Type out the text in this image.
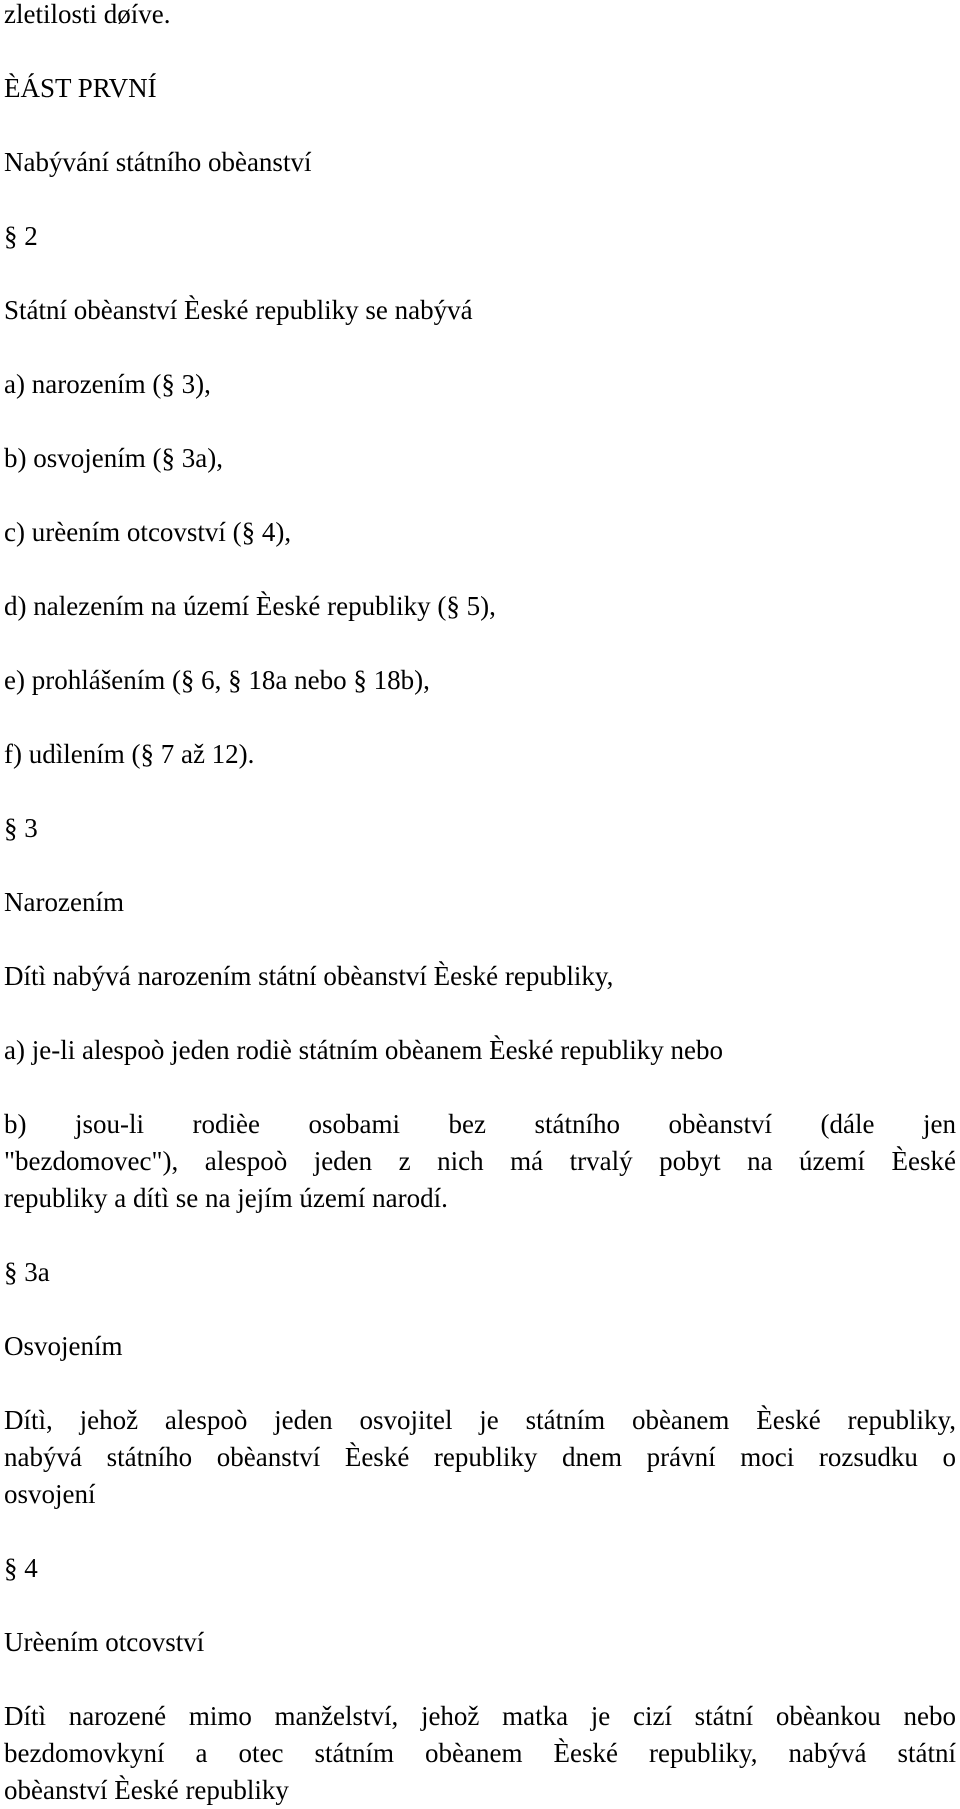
zletilosti døíve.
ÈÁST PRVNÍ
Nabývání státního obèanství
§ 2
Státní obèanství Èeské republiky se nabývá
a) narozením (§ 3),
b) osvojením (§ 3a),
c) urèením otcovství (§ 4),
d) nalezením na území Èeské republiky (§ 5),
e) prohlášením (§ 6, § 18a nebo § 18b),
f) udìlením (§ 7 až 12).
§ 3
Narozením
Dítì nabývá narozením státní obèanství Èeské republiky,
a) je-li alespoò jeden rodiè státním obèanem Èeské republiky nebo
b) jsou-li rodièe osobami bez státního obèanství (dále jen
"bezdomovec"), alespoò jeden z nich má trvalý pobyt na území Èeské
republiky a dítì se na jejím území narodí.
§ 3a
Osvojením
Dítì, jehož alespoò jeden osvojitel je státním obèanem Èeské republiky,
nabývá státního obèanství Èeské republiky dnem právní moci rozsudku o
osvojení
§ 4
Urèením otcovství
Dítì narozené mimo manželství, jehož matka je cizí státní obèankou nebo
bezdomovkyní a otec státním obèanem Èeské republiky, nabývá státní
obèanství Èeské republiky
